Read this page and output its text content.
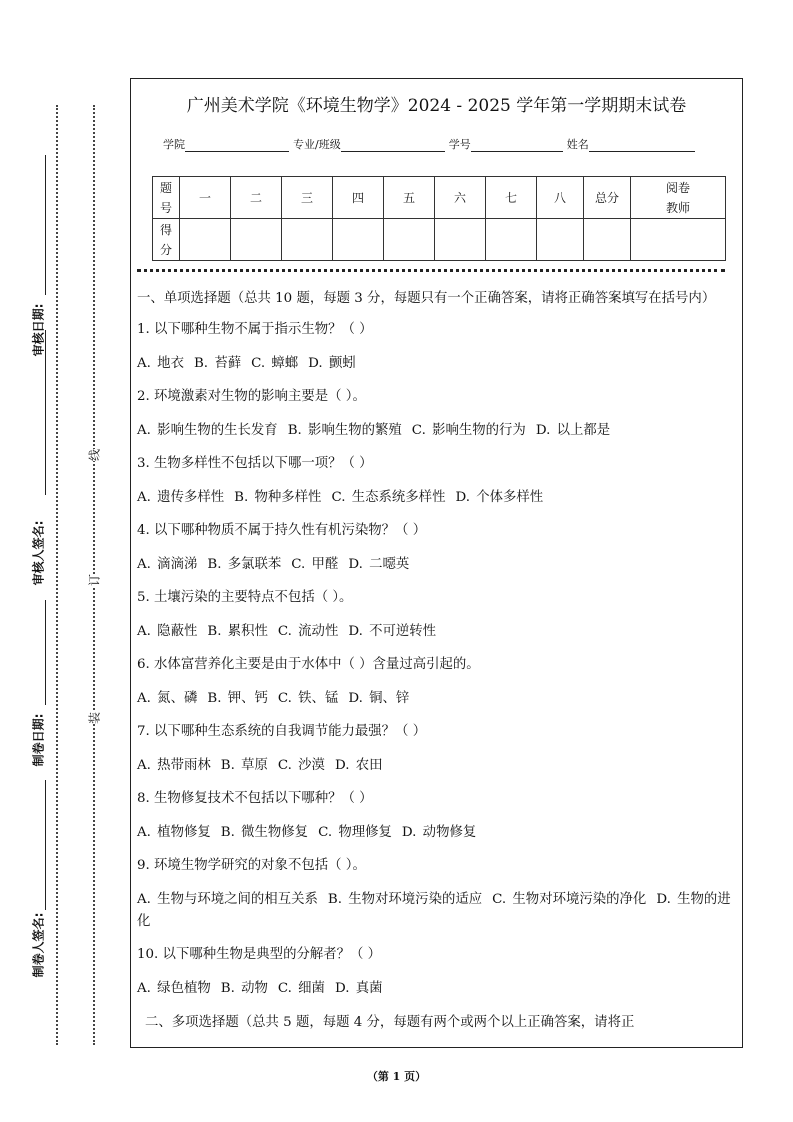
审核日期:
审核人签名:
制卷日期:
制卷人签名:
线
订
装
广州美术学院《环境生物学》2024 - 2025 学年第一学期期末试卷
学院	专业/班级	学号	姓名
题
号	一	二	三	四	五	六	七	八	总分	阅卷
教师

得
分										

一、单项选择题（总共 10 题，每题 3 分，每题只有一个正确答案，请将正确答案填写在括号内）
1. 以下哪种生物不属于指示生物？（ ）
A. 地衣 B. 苔藓 C. 蟑螂 D. 颤蚓
2. 环境激素对生物的影响主要是（ ）。
A. 影响生物的生长发育 B. 影响生物的繁殖 C. 影响生物的行为 D. 以上都是
3. 生物多样性不包括以下哪一项？（ ）
A. 遗传多样性 B. 物种多样性 C. 生态系统多样性 D. 个体多样性
4. 以下哪种物质不属于持久性有机污染物？（ ）
A. 滴滴涕 B. 多氯联苯 C. 甲醛 D. 二噁英
5. 土壤污染的主要特点不包括（ ）。
A. 隐蔽性 B. 累积性 C. 流动性 D. 不可逆转性
6. 水体富营养化主要是由于水体中（ ）含量过高引起的。
A. 氮、磷 B. 钾、钙 C. 铁、锰 D. 铜、锌
7. 以下哪种生态系统的自我调节能力最强？（ ）
A. 热带雨林 B. 草原 C. 沙漠 D. 农田
8. 生物修复技术不包括以下哪种？（ ）
A. 植物修复 B. 微生物修复 C. 物理修复 D. 动物修复
9. 环境生物学研究的对象不包括（ ）。
A. 生物与环境之间的相互关系 B. 生物对环境污染的适应 C. 生物对环境污染的净化 D. 生物的进化
10. 以下哪种生物是典型的分解者？（ ）
A. 绿色植物 B. 动物 C. 细菌 D. 真菌
二、多项选择题（总共 5 题，每题 4 分，每题有两个或两个以上正确答案，请将正
（第 1 页）
